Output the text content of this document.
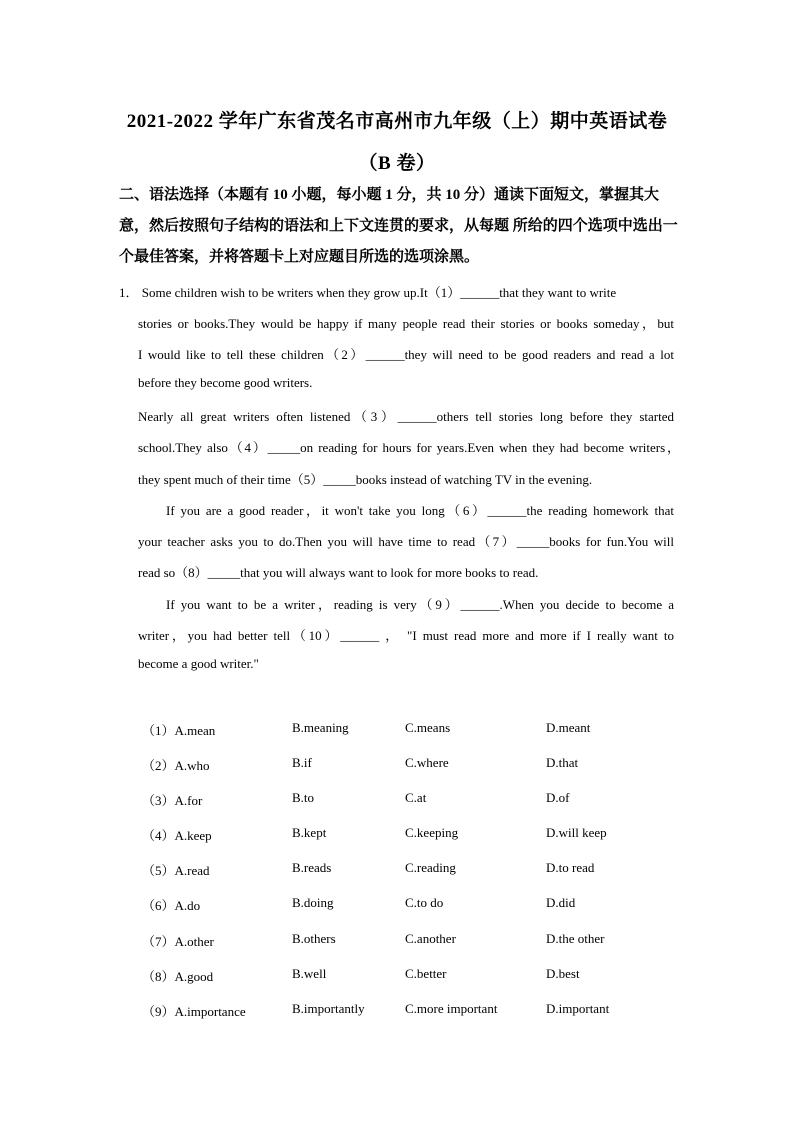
2021-2022 学年广东省茂名市高州市九年级（上）期中英语试卷
（B 卷）
二、语法选择（本题有 10 小题，每小题 1 分，共 10 分）通读下面短文，掌握其大意，然后按照句子结构的语法和上下文连贯的要求，从每题 所给的四个选项中选出一个最佳答案，并将答题卡上对应题目所选的选项涂黑。
1． Some children wish to be writers when they grow up.It（1）______that they want to write
stories or books.They would be happy if many people read their stories or books someday，but
I would like to tell these children（2）______they will need to be good readers and read a lot
before they become good writers.
Nearly all great writers often listened（3）______others tell stories long before they started
school.They also（4）_____on reading for hours for years.Even when they had become writers，
they spent much of their time（5）_____books instead of watching TV in the evening.
If you are a good reader，it won't take you long（6）______the reading homework that
your teacher asks you to do.Then you will have time to read（7）_____books for fun.You will
read so（8）_____that you will always want to look for more books to read.
If you want to be a writer，reading is very（9）______.When you decide to become a
writer，you had better tell（10）______ ， "I must read more and more if I really want to
become a good writer."
（1）A.mean	B.meaning	C.means	D.meant
（2）A.who	B.if	C.where	D.that
（3）A.for	B.to	C.at	D.of
（4）A.keep	B.kept	C.keeping	D.will keep
（5）A.read	B.reads	C.reading	D.to read
（6）A.do	B.doing	C.to do	D.did
（7）A.other	B.others	C.another	D.the other
（8）A.good	B.well	C.better	D.best
（9）A.importance	B.importantly	C.more important	D.important
